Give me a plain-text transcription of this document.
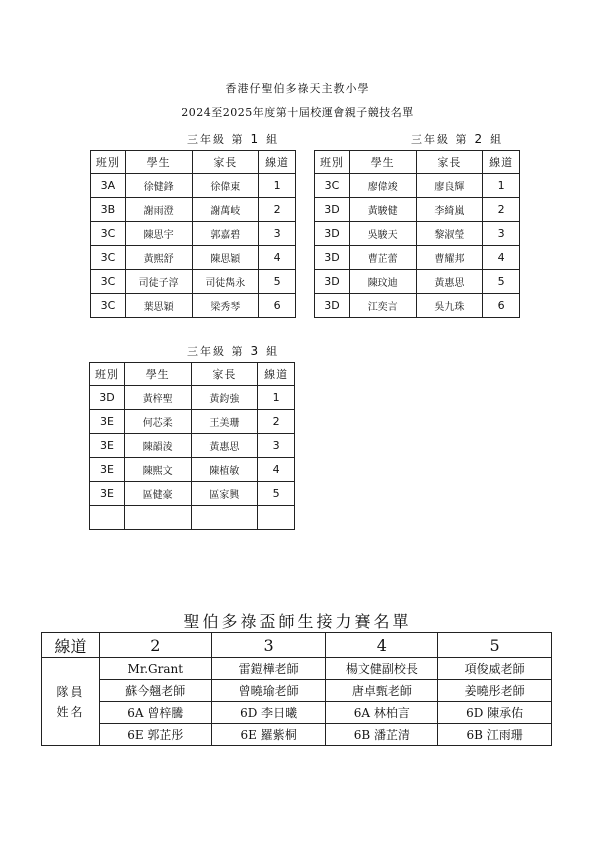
香港仔聖伯多祿天主教小學
2024至2025年度第十屆校運會親子競技名單
三年級 第 1 組
班別	學生	家長	線道
3A	徐健鋒	徐偉東	1
3B	謝雨澄	謝萬岐	2
3C	陳思宇	郭嘉碧	3
3C	黃熙舒	陳思穎	4
3C	司徒子淳	司徒雋永	5
3C	葉思穎	梁秀琴	6
三年級 第 2 組
班別	學生	家長	線道
3C	廖偉竣	廖良輝	1
3D	黃駿健	李綺嵐	2
3D	吳駿天	黎淑瑩	3
3D	曹芷蕾	曹耀邦	4
3D	陳玟迪	黃惠思	5
3D	江奕言	吳九珠	6
三年級 第 3 組
班別	學生	家長	線道
3D	黃梓聖	黃鈞強	1
3E	何芯柔	王美珊	2
3E	陳韻淩	黃惠思	3
3E	陳熙文	陳植敏	4
3E	區健豪	區家興	5

聖伯多祿盃師生接力賽名單
線道	2	3	4	5

隊員
姓名	Mr.Grant	雷鎧樺老師	楊文健副校長	項俊威老師
	蘇今翹老師	曾曉瑜老師	唐卓甄老師	姜曉彤老師
	6A 曾梓騰	6D 李日曦	6A 林柏言	6D 陳承佑
	6E 郭芷彤	6E 羅紫桐	6B 潘芷清	6B 江雨珊
